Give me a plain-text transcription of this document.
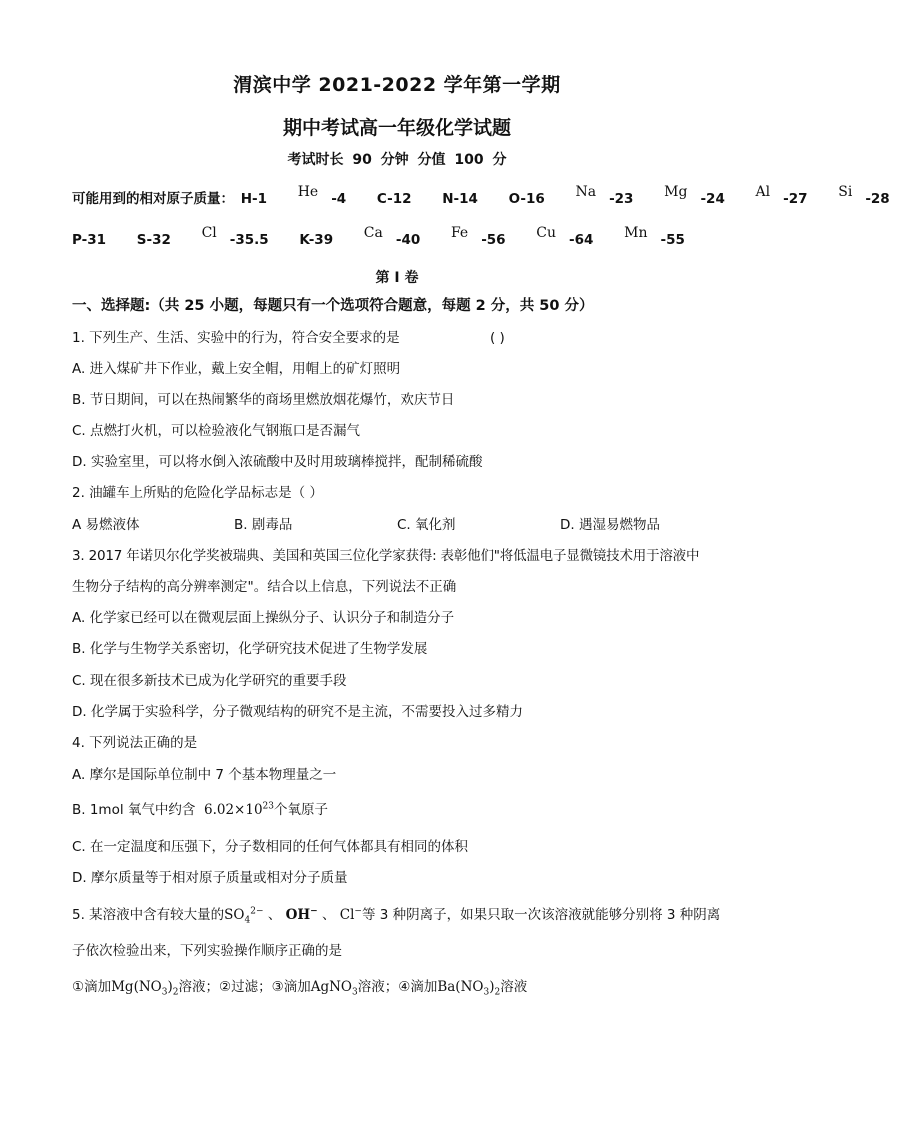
渭滨中学 2021-2022 学年第一学期
期中考试高一年级化学试题
考试时长 90 分钟 分值 100 分
可能用到的相对原子质量： H-1 He -4 C-12 N-14 O-16 Na -23 Mg -24 Al -27 Si -28
P-31 S-32 Cl -35.5 K-39 Ca -40 Fe -56 Cu -64 Mn -55
第 I 卷
一、选择题:（共 25 小题，每题只有一个选项符合题意，每题 2 分，共 50 分）
1. 下列生产、生活、实验中的行为，符合安全要求的是	( )
A. 进入煤矿井下作业，戴上安全帽，用帽上的矿灯照明
B. 节日期间，可以在热闹繁华的商场里燃放烟花爆竹，欢庆节日
C. 点燃打火机，可以检验液化气钢瓶口是否漏气
D. 实验室里，可以将水倒入浓硫酸中及时用玻璃棒搅拌，配制稀硫酸
2. 油罐车上所贴的危险化学品标志是（ ）
A 易燃液体	B. 剧毒品	C. 氧化剂	D. 遇湿易燃物品
3. 2017 年诺贝尔化学奖被瑞典、美国和英国三位化学家获得: 表彰他们"将低温电子显微镜技术用于溶液中
生物分子结构的高分辨率测定"。结合以上信息，下列说法不正确
A. 化学家已经可以在微观层面上操纵分子、认识分子和制造分子
B. 化学与生物学关系密切，化学研究技术促进了生物学发展
C. 现在很多新技术已成为化学研究的重要手段
D. 化学属于实验科学，分子微观结构的研究不是主流，不需要投入过多精力
4. 下列说法正确的是
A. 摩尔是国际单位制中 7 个基本物理量之一
B. 1mol 氧气中约含 $6.02\times 10^{23}$个氧原子
C. 在一定温度和压强下，分子数相同的任何气体都具有相同的体积
D. 摩尔质量等于相对原子质量或相对分子质量
5. 某溶液中含有较大量的$SO_4^{2-}$ 、 OH− 、 Cl−等 3 种阴离子，如果只取一次该溶液就能够分别将 3 种阴离
子依次检验出来，下列实验操作顺序正确的是
①滴加$Mg(NO_3)_2$溶液；②过滤；③滴加AgNO$_3$溶液；④滴加$Ba(NO_3)_2$溶液
